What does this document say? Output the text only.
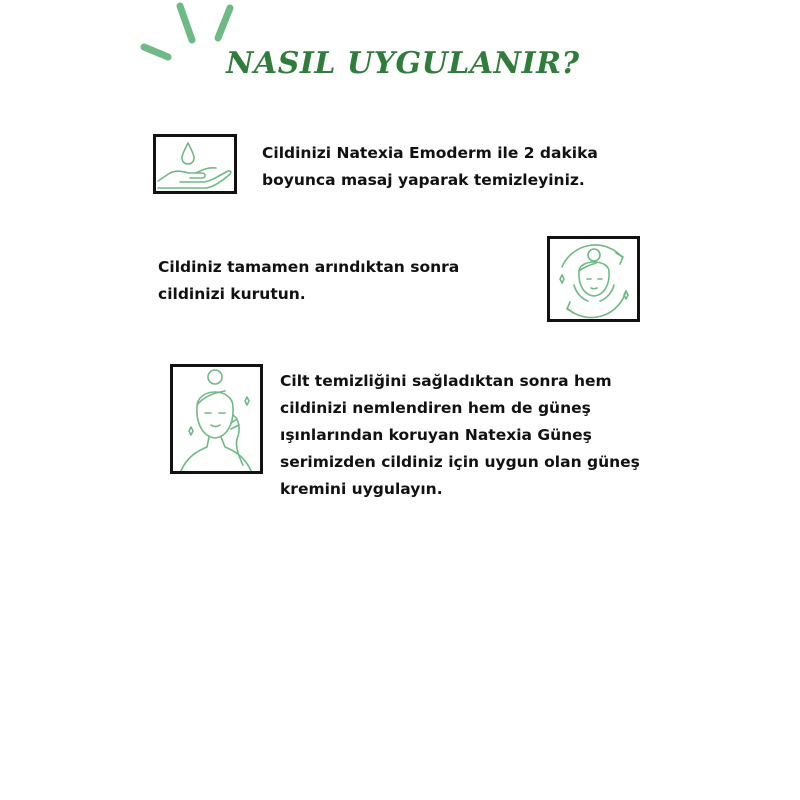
NASIL UYGULANIR?
Cildinizi Natexia Emoderm ile 2 dakika
boyunca masaj yaparak temizleyiniz.
Cildiniz tamamen arındıktan sonra
cildinizi kurutun.
Cilt temizliğini sağladıktan sonra hem
cildinizi nemlendiren hem de güneş
ışınlarından koruyan Natexia Güneş
serimizden cildiniz için uygun olan güneş
kremini uygulayın.
